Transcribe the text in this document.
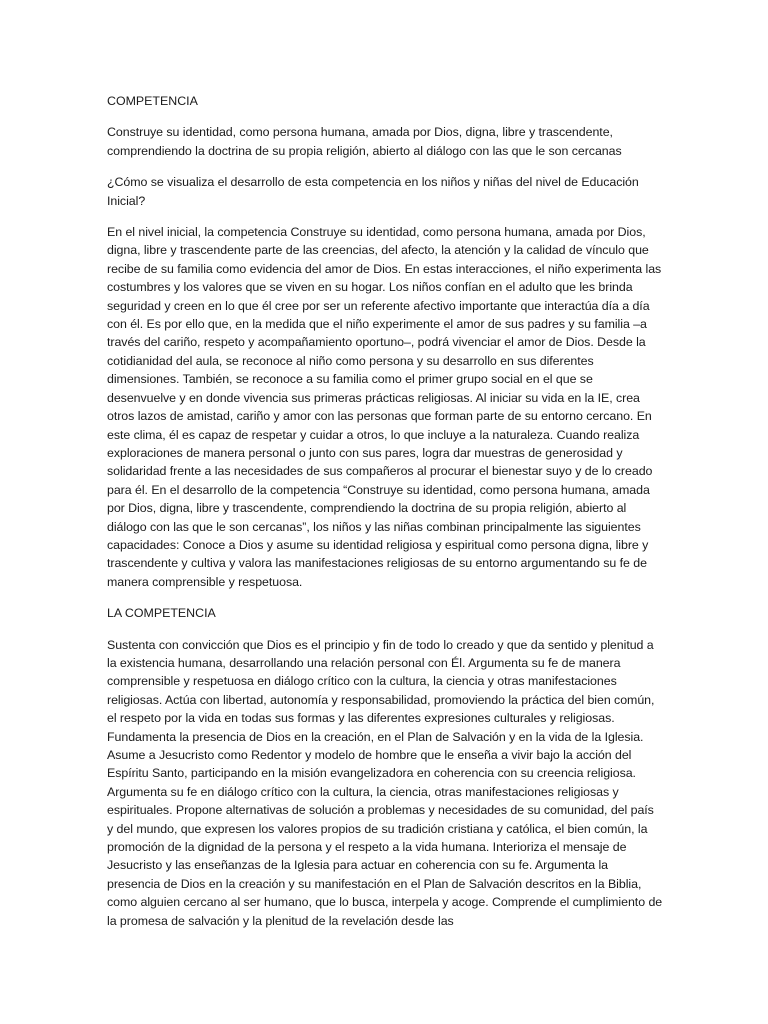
COMPETENCIA

Construye su identidad, como persona humana, amada por Dios, digna, libre y trascendente, comprendiendo la doctrina de su propia religión, abierto al diálogo con las que le son cercanas

¿Cómo se visualiza el desarrollo de esta competencia en los niños y niñas del nivel de Educación Inicial?

En el nivel inicial, la competencia Construye su identidad, como persona humana, amada por Dios, digna, libre y trascendente parte de las creencias, del afecto, la atención y la calidad de vínculo que recibe de su familia como evidencia del amor de Dios. En estas interacciones, el niño experimenta las costumbres y los valores que se viven en su hogar. Los niños confían en el adulto que les brinda seguridad y creen en lo que él cree por ser un referente afectivo importante que interactúa día a día con él. Es por ello que, en la medida que el niño experimente el amor de sus padres y su familia –a través del cariño, respeto y acompañamiento oportuno–, podrá vivenciar el amor de Dios. Desde la cotidianidad del aula, se reconoce al niño como persona y su desarrollo en sus diferentes dimensiones. También, se reconoce a su familia como el primer grupo social en el que se desenvuelve y en donde vivencia sus primeras prácticas religiosas. Al iniciar su vida en la IE, crea otros lazos de amistad, cariño y amor con las personas que forman parte de su entorno cercano. En este clima, él es capaz de respetar y cuidar a otros, lo que incluye a la naturaleza. Cuando realiza exploraciones de manera personal o junto con sus pares, logra dar muestras de generosidad y solidaridad frente a las necesidades de sus compañeros al procurar el bienestar suyo y de lo creado para él. En el desarrollo de la competencia “Construye su identidad, como persona humana, amada por Dios, digna, libre y trascendente, comprendiendo la doctrina de su propia religión, abierto al diálogo con las que le son cercanas”, los niños y las niñas combinan principalmente las siguientes capacidades: Conoce a Dios y asume su identidad religiosa y espiritual como persona digna, libre y trascendente y cultiva y valora las manifestaciones religiosas de su entorno argumentando su fe de manera comprensible y respetuosa.

LA COMPETENCIA

Sustenta con convicción que Dios es el principio y fin de todo lo creado y que da sentido y plenitud a la existencia humana, desarrollando una relación personal con Él. Argumenta su fe de manera comprensible y respetuosa en diálogo crítico con la cultura, la ciencia y otras manifestaciones religiosas. Actúa con libertad, autonomía y responsabilidad, promoviendo la práctica del bien común, el respeto por la vida en todas sus formas y las diferentes expresiones culturales y religiosas. Fundamenta la presencia de Dios en la creación, en el Plan de Salvación y en la vida de la Iglesia. Asume a Jesucristo como Redentor y modelo de hombre que le enseña a vivir bajo la acción del Espíritu Santo, participando en la misión evangelizadora en coherencia con su creencia religiosa. Argumenta su fe en diálogo crítico con la cultura, la ciencia, otras manifestaciones religiosas y espirituales. Propone alternativas de solución a problemas y necesidades de su comunidad, del país y del mundo, que expresen los valores propios de su tradición cristiana y católica, el bien común, la promoción de la dignidad de la persona y el respeto a la vida humana. Interioriza el mensaje de Jesucristo y las enseñanzas de la Iglesia para actuar en coherencia con su fe. Argumenta la presencia de Dios en la creación y su manifestación en el Plan de Salvación descritos en la Biblia, como alguien cercano al ser humano, que lo busca, interpela y acoge. Comprende el cumplimiento de la promesa de salvación y la plenitud de la revelación desde las
